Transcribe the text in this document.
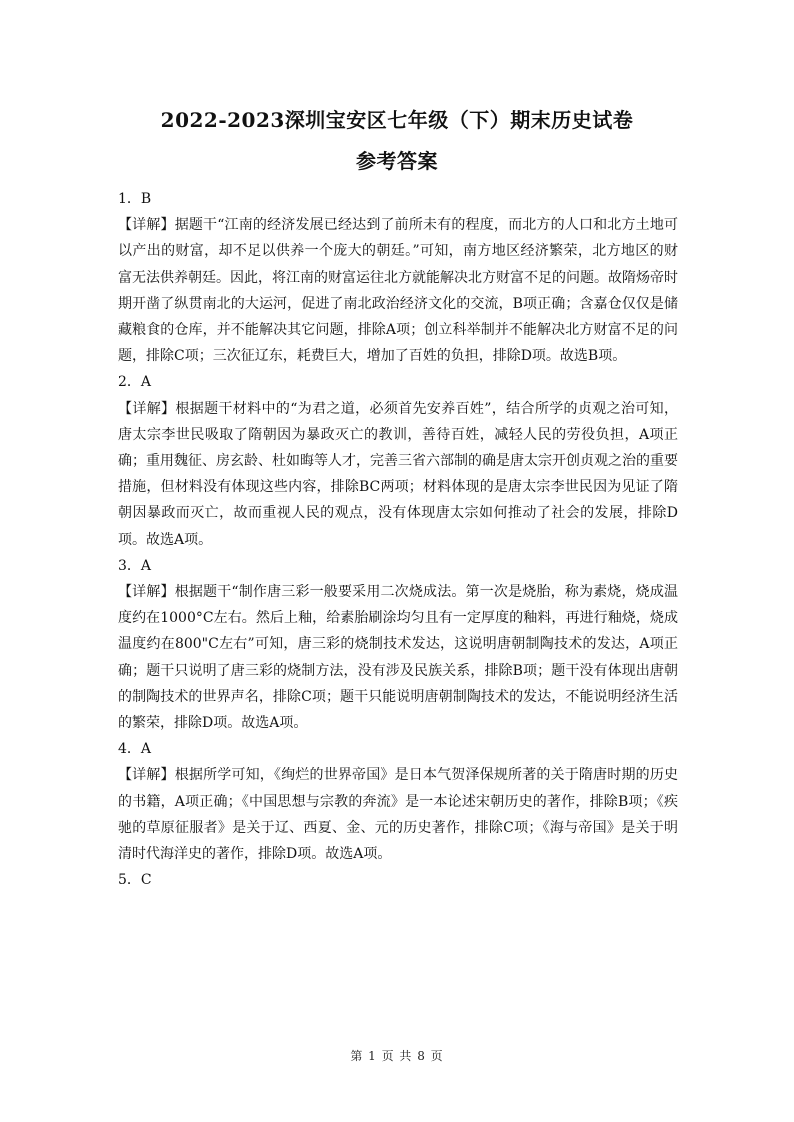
2022-2023深圳宝安区七年级（下）期末历史试卷
参考答案

1．B

【详解】据题干“江南的经济发展已经达到了前所未有的程度，而北方的人口和北方土地可以产出的财富，却不足以供养一个庞大的朝廷。”可知，南方地区经济繁荣，北方地区的财富无法供养朝廷。因此，将江南的财富运往北方就能解决北方财富不足的问题。故隋炀帝时期开凿了纵贯南北的大运河，促进了南北政治经济文化的交流，B项正确；含嘉仓仅仅是储藏粮食的仓库，并不能解决其它问题，排除A项；创立科举制并不能解决北方财富不足的问题，排除C项；三次征辽东，耗费巨大，增加了百姓的负担，排除D项。故选B项。

2．A

【详解】根据题干材料中的“为君之道，必须首先安养百姓”，结合所学的贞观之治可知，唐太宗李世民吸取了隋朝因为暴政灭亡的教训，善待百姓，减轻人民的劳役负担，A项正确；重用魏征、房玄龄、杜如晦等人才，完善三省六部制的确是唐太宗开创贞观之治的重要措施，但材料没有体现这些内容，排除BC两项；材料体现的是唐太宗李世民因为见证了隋朝因暴政而灭亡，故而重视人民的观点，没有体现唐太宗如何推动了社会的发展，排除D项。故选A项。

3．A

【详解】根据题干“制作唐三彩一般要采用二次烧成法。第一次是烧胎，称为素烧，烧成温度约在1000°C左右。然后上釉，给素胎刷涂均匀且有一定厚度的釉料，再进行釉烧，烧成温度约在800"C左右”可知，唐三彩的烧制技术发达，这说明唐朝制陶技术的发达，A项正确；题干只说明了唐三彩的烧制方法，没有涉及民族关系，排除B项；题干没有体现出唐朝的制陶技术的世界声名，排除C项；题干只能说明唐朝制陶技术的发达，不能说明经济生活的繁荣，排除D项。故选A项。

4．A

【详解】根据所学可知，《绚烂的世界帝国》是日本气贺泽保规所著的关于隋唐时期的历史的书籍，A项正确；《中国思想与宗教的奔流》是一本论述宋朝历史的著作，排除B项；《疾驰的草原征服者》是关于辽、西夏、金、元的历史著作，排除C项；《海与帝国》是关于明清时代海洋史的著作，排除D项。故选A项。

5．C

第 1 页 共 8 页
